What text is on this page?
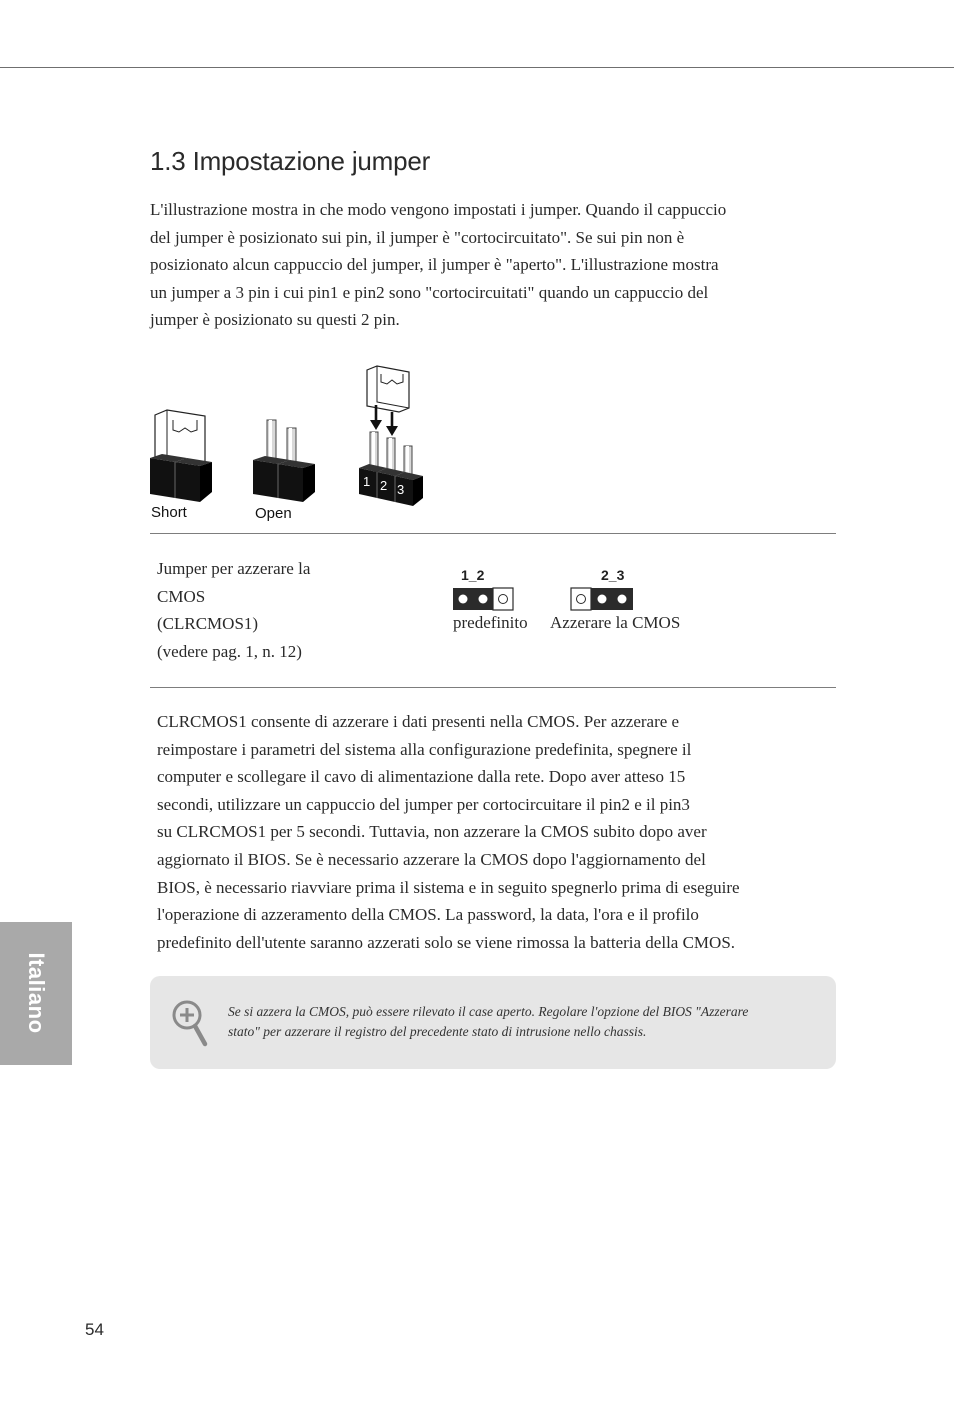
1.3 Impostazione jumper

L'illustrazione mostra in che modo vengono impostati i jumper. Quando il cappuccio

del jumper è posizionato sui pin, il jumper è "cortocircuitato". Se sui pin non è

posizionato alcun cappuccio del jumper, il jumper è "aperto". L'illustrazione mostra

un jumper a 3 pin i cui pin1 e pin2 sono "cortocircuitati" quando un cappuccio del

jumper è posizionato su questi 2 pin.

Short	Open
1 2 3
Jumper per azzerare la
CMOS
(CLRCMOS1)
(vedere pag. 1, n. 12)
1_2
predefinito
2_3
Azzerare la CMOS

CLRCMOS1 consente di azzerare i dati presenti nella CMOS. Per azzerare e

reimpostare i parametri del sistema alla configurazione predefinita, spegnere il

computer e scollegare il cavo di alimentazione dalla rete. Dopo aver atteso 15

secondi, utilizzare un cappuccio del jumper per cortocircuitare il pin2 e il pin3

su CLRCMOS1 per 5 secondi. Tuttavia, non azzerare la CMOS subito dopo aver

aggiornato il BIOS. Se è necessario azzerare la CMOS dopo l'aggiornamento del

BIOS, è necessario riavviare prima il sistema e in seguito spegnerlo prima di eseguire

l'operazione di azzeramento della CMOS. La password, la data, l'ora e il profilo

predefinito dell'utente saranno azzerati solo se viene rimossa la batteria della CMOS.

Se si azzera la CMOS, può essere rilevato il case aperto. Regolare l'opzione del BIOS "Azzerare
stato" per azzerare il registro del precedente stato di intrusione nello chassis.
Italiano
54
